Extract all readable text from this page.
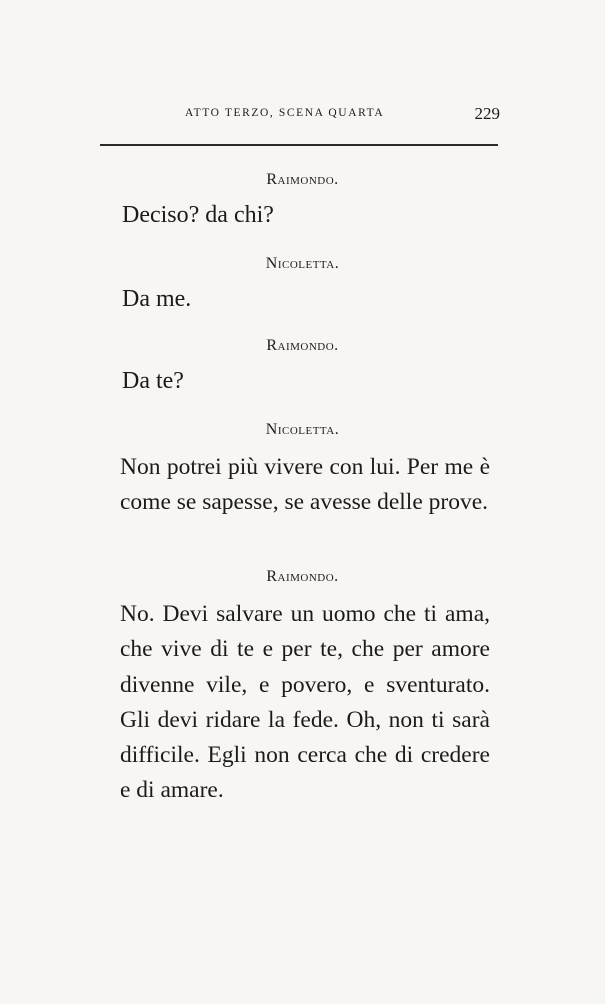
ATTO TERZO, SCENA QUARTA	229
Raimondo.
Deciso? da chi?
Nicoletta.
Da me.
Raimondo.
Da te?
Nicoletta.
Non potrei più vivere con lui. Per me è come se sapesse, se avesse delle prove.
Raimondo.
No. Devi salvare un uomo che ti ama, che vive di te e per te, che per amore divenne vile, e povero, e sventurato. Gli devi ridare la fede. Oh, non ti sarà difficile. Egli non cerca che di credere e di amare.
